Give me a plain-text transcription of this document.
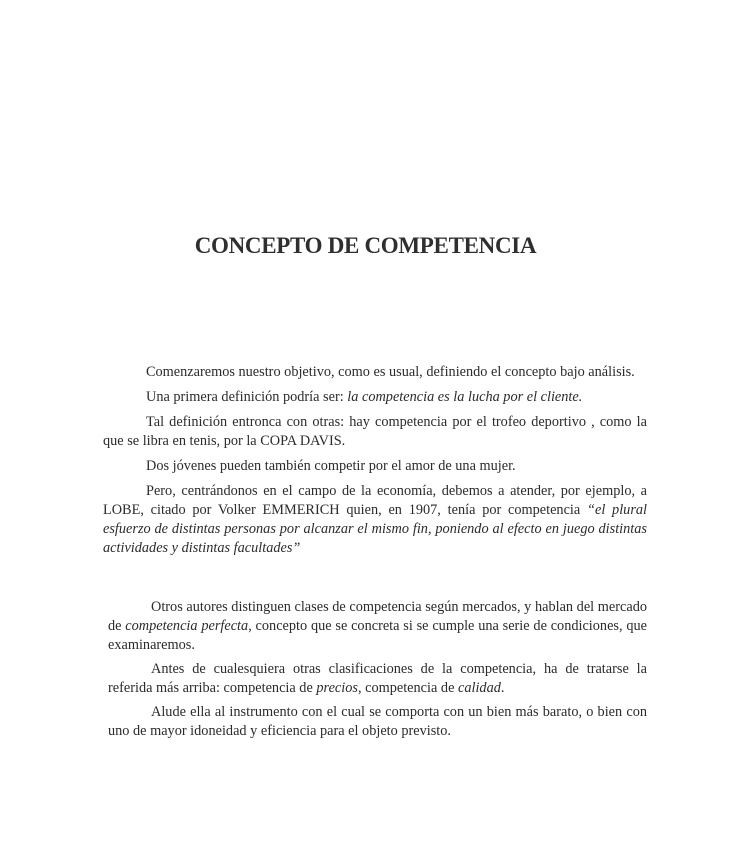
CONCEPTO DE COMPETENCIA

Comenzaremos nuestro objetivo, como es usual, definiendo el concepto bajo análisis.

Una primera definición podría ser: la competencia es la lucha por el cliente.

Tal definición entronca con otras: hay competencia por el trofeo deportivo , como la que se libra en tenis, por la COPA DAVIS.

Dos jóvenes pueden también competir por el amor de una mujer.

Pero, centrándonos en el campo de la economía, debemos a atender, por ejemplo, a LOBE, citado por Volker EMMERICH quien, en 1907, tenía por competencia “el plural esfuerzo de distintas personas por alcanzar el mismo fin, poniendo al efecto en juego distintas actividades y distintas facultades”

Otros autores distinguen clases de competencia según mercados, y hablan del mercado de competencia perfecta, concepto que se concreta si se cumple una serie de condiciones, que examinaremos.

Antes de cualesquiera otras clasificaciones de la competencia, ha de tratarse la referida más arriba: competencia de precios, competencia de calidad.

Alude ella al instrumento con el cual se comporta con un bien más barato, o bien con uno de mayor idoneidad y eficiencia para el objeto previsto.
